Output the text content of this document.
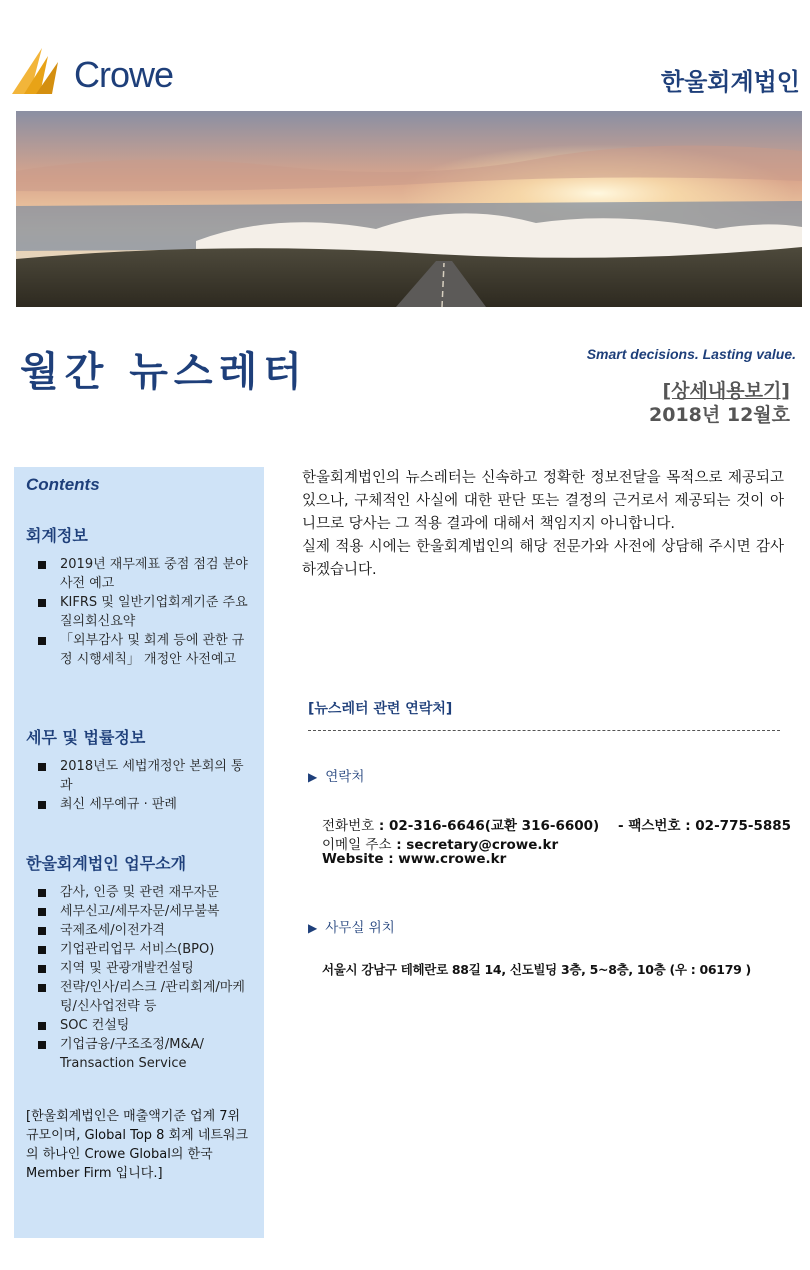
Crowe	한울회계법인
월간 뉴스레터	Smart decisions. Lasting value.
[상세내용보기]
2018년 12월호
Contents
회계정보
2019년 재무제표 중점 점검 분야 사전 예고
KIFRS 및 일반기업회계기준 주요 질의회신요약
「외부감사 및 회계 등에 관한 규정 시행세칙」 개정안 사전예고
세무 및 법률정보
2018년도 세법개정안 본회의 통과
최신 세무예규 · 판례
한울회계법인 업무소개
감사, 인증 및 관련 재무자문
세무신고/세무자문/세무불복
국제조세/이전가격
기업관리업무 서비스(BPO)
지역 및 관광개발컨설팅
전략/인사/리스크 /관리회계/마케팅/신사업전략 등
SOC 컨설팅
기업금융/구조조정/M&A/ Transaction Service

[한울회계법인은 매출액기준 업계 7위 규모이며, Global Top 8 회계 네트워크의 하나인 Crowe Global의 한국 Member Firm 입니다.]

한울회계법인의 뉴스레터는 신속하고 정확한 정보전달을 목적으로 제공되고 있으나, 구체적인 사실에 대한 판단 또는 결정의 근거로서 제공되는 것이 아니므로 당사는 그 적용 결과에 대해서 책임지지 아니합니다.

실제 적용 시에는 한울회계법인의 해당 전문가와 사전에 상담해 주시면 감사하겠습니다.

[뉴스레터 관련 연락처]
▶ 연락처
전화번호 : 02-316-6646(교환 316-6600) - 팩스번호 : 02-775-5885
이메일 주소 : secretary@crowe.kr
Website : www.crowe.kr
▶ 사무실 위치
서울시 강남구 테헤란로 88길 14, 신도빌딩 3층, 5~8층, 10층 (우 : 06179 )
